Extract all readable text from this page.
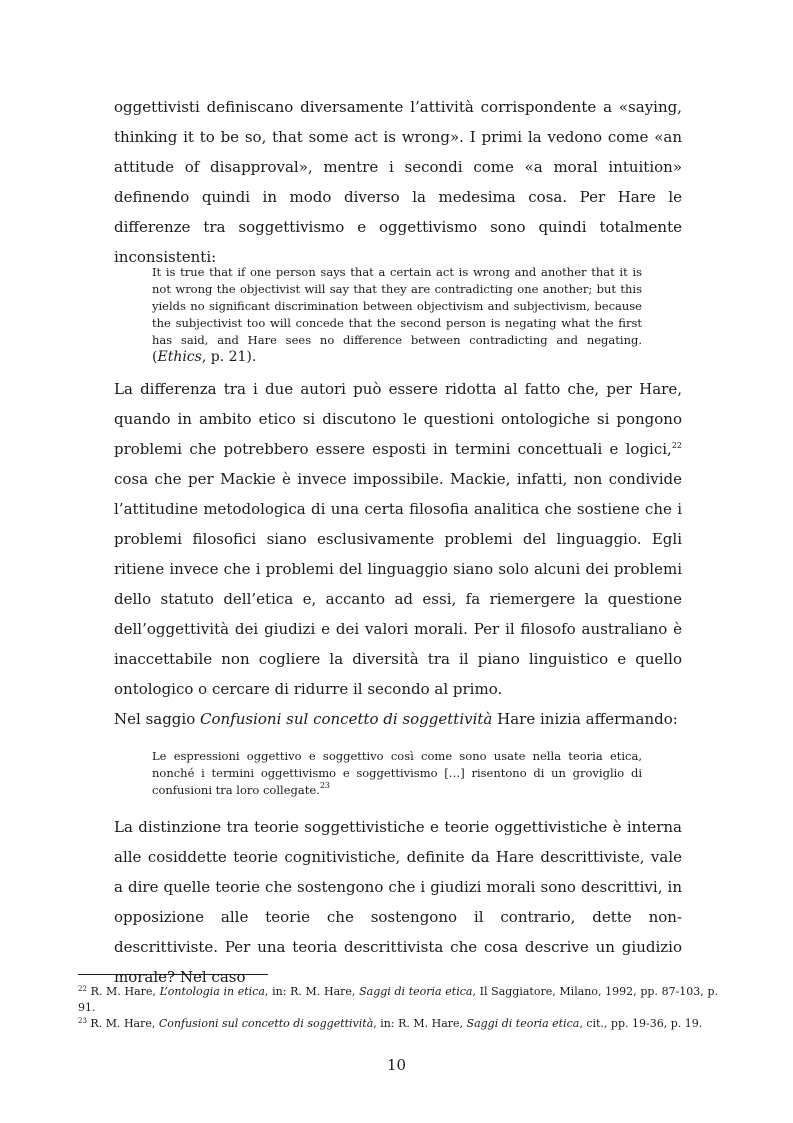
oggettivisti definiscano diversamente l’attività corrispondente a «saying, thinking it to be so, that some act is wrong». I primi la vedono come «an attitude of disapproval», mentre i secondi come «a moral intuition» definendo quindi in modo diverso la medesima cosa. Per Hare le differenze tra soggettivismo e oggettivismo sono quindi totalmente inconsistenti:

It is true that if one person says that a certain act is wrong and another that it is not wrong the objectivist will say that they are contradicting one another; but this yields no significant discrimination between objectivism and subjectivism, because the subjectivist too will concede that the second person is negating what the first has said, and Hare sees no difference between contradicting and negating. (Ethics, p. 21).

La differenza tra i due autori può essere ridotta al fatto che, per Hare, quando in ambito etico si discutono le questioni ontologiche si pongono problemi che potrebbero essere esposti in termini concettuali e logici,$^{22}$ cosa che per Mackie è invece impossibile. Mackie, infatti, non condivide l’attitudine metodologica di una certa filosofia analitica che sostiene che i problemi filosofici siano esclusivamente problemi del linguaggio. Egli ritiene invece che i problemi del linguaggio siano solo alcuni dei problemi dello statuto dell’etica e, accanto ad essi, fa riemergere la questione dell’oggettività dei giudizi e dei valori morali. Per il filosofo australiano è inaccettabile non cogliere la diversità tra il piano linguistico e quello ontologico o cercare di ridurre il secondo al primo.
Nel saggio Confusioni sul concetto di soggettività Hare inizia affermando:

Le espressioni oggettivo e soggettivo così come sono usate nella teoria etica, nonché i termini oggettivismo e soggettivismo […] risentono di un groviglio di confusioni tra loro collegate.$^{23}$

La distinzione tra teorie soggettivistiche e teorie oggettivistiche è interna alle cosiddette teorie cognitivistiche, definite da Hare descrittiviste, vale a dire quelle teorie che sostengono che i giudizi morali sono descrittivi, in opposizione alle teorie che sostengono il contrario, dette non-descrittiviste. Per una teoria descrittivista che cosa descrive un giudizio morale? Nel caso

$^{22}$ R. M. Hare, L’ontologia in etica, in: R. M. Hare, Saggi di teoria etica, Il Saggiatore, Milano, 1992, pp. 87-103, p. 91.

$^{23}$ R. M. Hare, Confusioni sul concetto di soggettività, in: R. M. Hare, Saggi di teoria etica, cit., pp. 19-36, p. 19.

10
